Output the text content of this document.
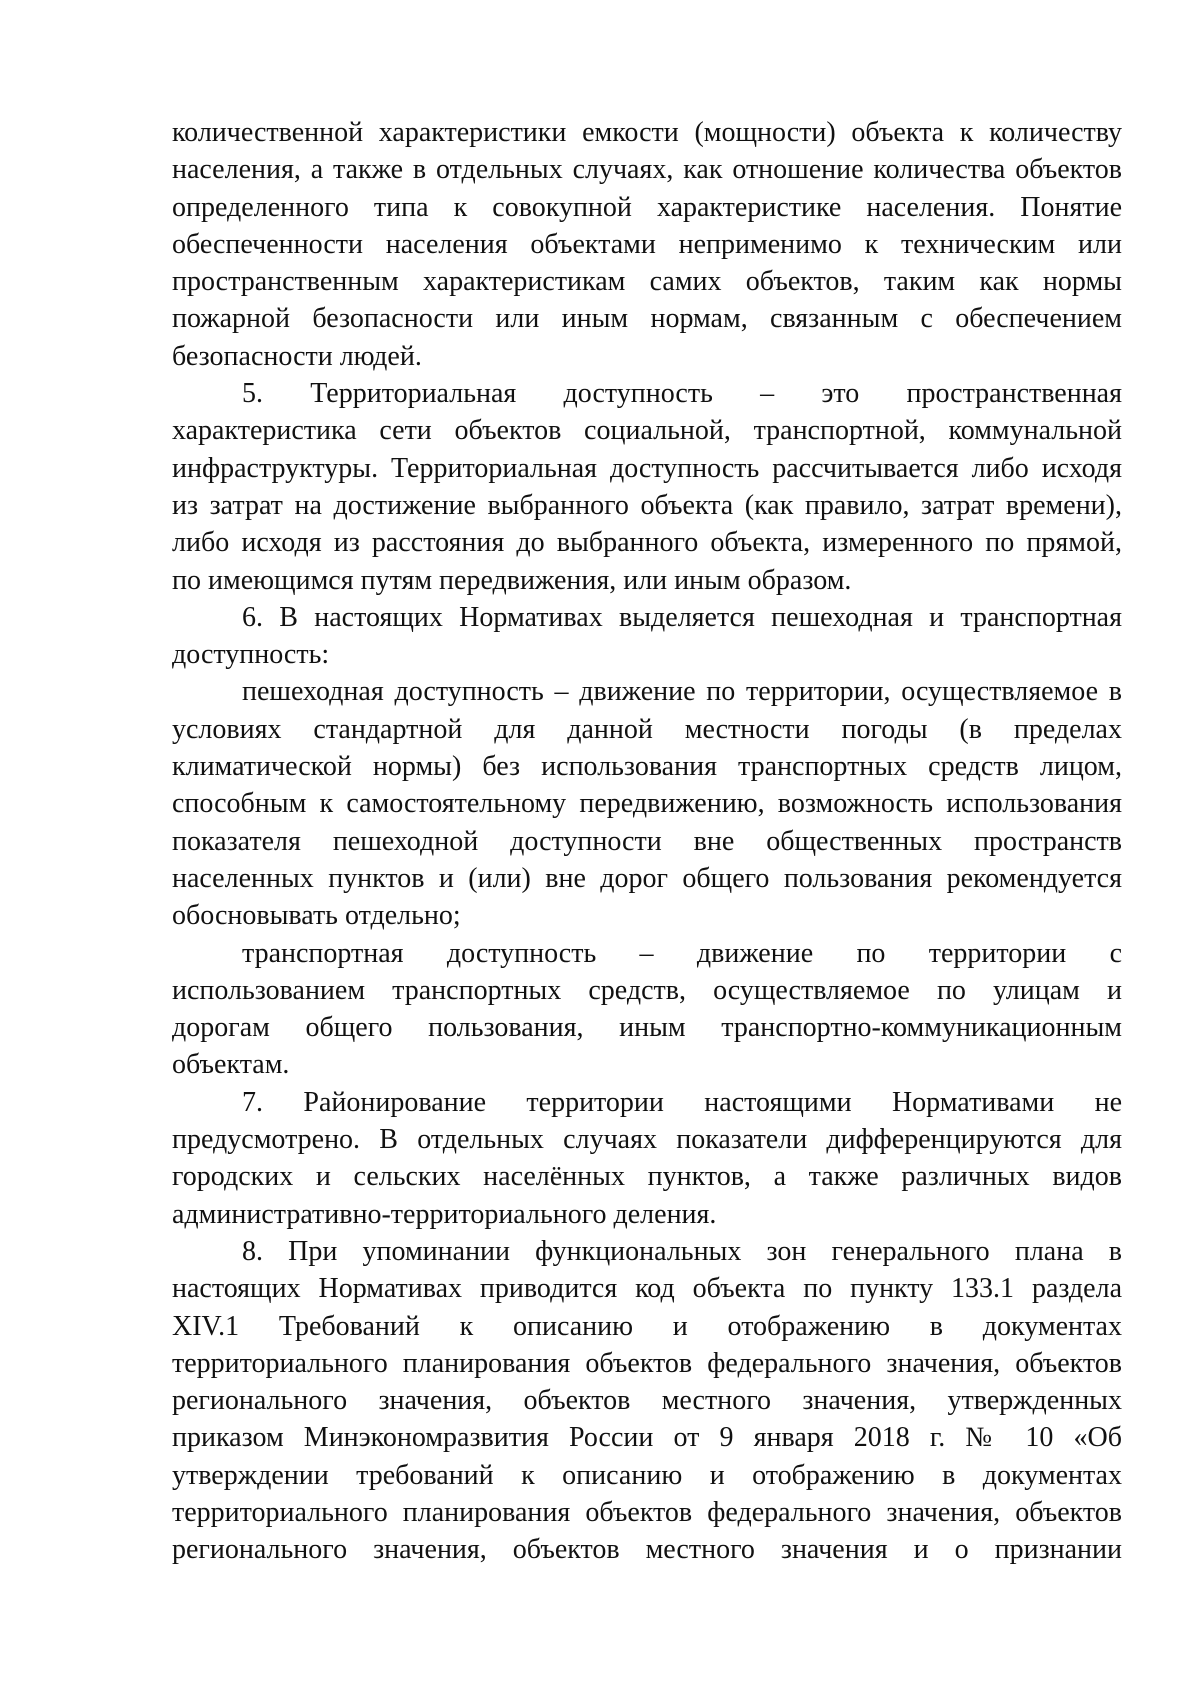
количественной характеристики емкости (мощности) объекта к количеству
населения, а также в отдельных случаях, как отношение количества объектов
определенного типа к совокупной характеристике населения. Понятие
обеспеченности населения объектами неприменимо к техническим или
пространственным характеристикам самих объектов, таким как нормы
пожарной безопасности или иным нормам, связанным с обеспечением
безопасности людей.
5. Территориальная доступность – это пространственная
характеристика сети объектов социальной, транспортной, коммунальной
инфраструктуры. Территориальная доступность рассчитывается либо исходя
из затрат на достижение выбранного объекта (как правило, затрат времени),
либо исходя из расстояния до выбранного объекта, измеренного по прямой,
по имеющимся путям передвижения, или иным образом.
6. В настоящих Нормативах выделяется пешеходная и транспортная
доступность:
пешеходная доступность – движение по территории, осуществляемое в
условиях стандартной для данной местности погоды (в пределах
климатической нормы) без использования транспортных средств лицом,
способным к самостоятельному передвижению, возможность использования
показателя пешеходной доступности вне общественных пространств
населенных пунктов и (или) вне дорог общего пользования рекомендуется
обосновывать отдельно;
транспортная доступность – движение по территории с
использованием транспортных средств, осуществляемое по улицам и
дорогам общего пользования, иным транспортно-коммуникационным
объектам.
7. Районирование территории настоящими Нормативами не
предусмотрено. В отдельных случаях показатели дифференцируются для
городских и сельских населённых пунктов, а также различных видов
административно-территориального деления.
8. При упоминании функциональных зон генерального плана в
настоящих Нормативах приводится код объекта по пункту 133.1 раздела
XIV.1 Требований к описанию и отображению в документах
территориального планирования объектов федерального значения, объектов
регионального значения, объектов местного значения, утвержденных
приказом Минэкономразвития России от 9 января 2018 г. № 10 «Об
утверждении требований к описанию и отображению в документах
территориального планирования объектов федерального значения, объектов
регионального значения, объектов местного значения и о признании
